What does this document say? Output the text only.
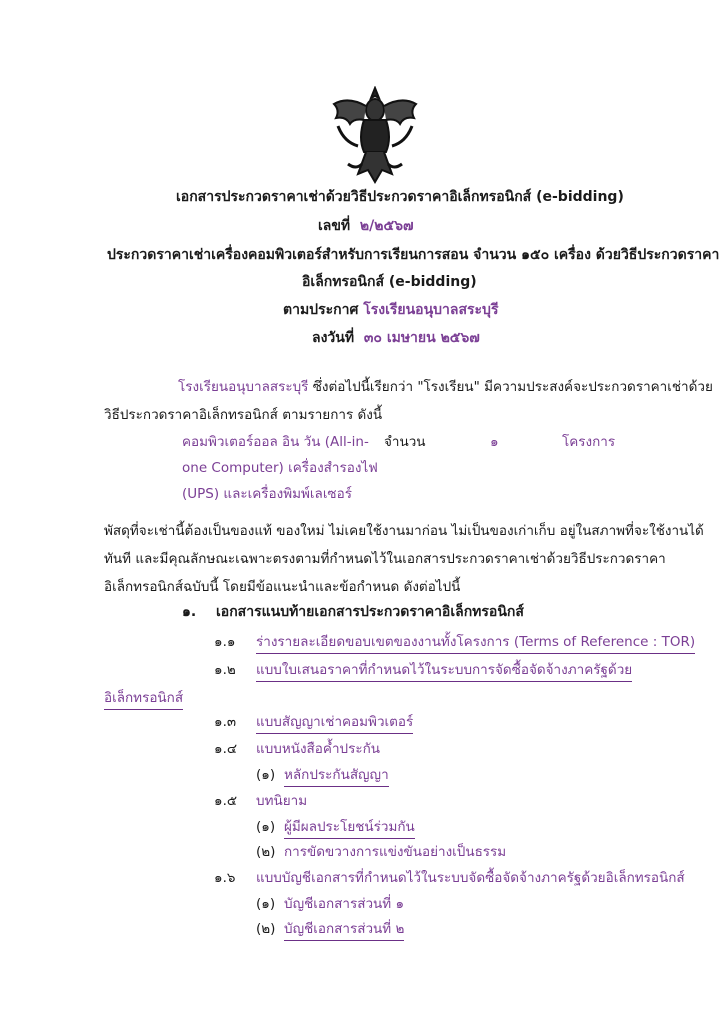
เอกสารประกวดราคาเช่าด้วยวิธีประกวดราคาอิเล็กทรอนิกส์ (e-bidding)
เลขที่ ๒/๒๕๖๗
ประกวดราคาเช่าเครื่องคอมพิวเตอร์สำหรับการเรียนการสอน จำนวน ๑๕๐ เครื่อง ด้วยวิธีประกวดราคา
อิเล็กทรอนิกส์ (e-bidding)
ตามประกาศ โรงเรียนอนุบาลสระบุรี
ลงวันที่ ๓๐ เมษายน ๒๕๖๗
โรงเรียนอนุบาลสระบุรี ซึ่งต่อไปนี้เรียกว่า "โรงเรียน" มีความประสงค์จะประกวดราคาเช่าด้วย
วิธีประกวดราคาอิเล็กทรอนิกส์ ตามรายการ ดังนี้
คอมพิวเตอร์ออล อิน วัน (All-in-
one Computer) เครื่องสำรองไฟ
(UPS) และเครื่องพิมพ์เลเซอร์
จำนวน	๑	โครงการ
พัสดุที่จะเช่านี้ต้องเป็นของแท้ ของใหม่ ไม่เคยใช้งานมาก่อน ไม่เป็นของเก่าเก็บ อยู่ในสภาพที่จะใช้งานได้
ทันที และมีคุณลักษณะเฉพาะตรงตามที่กำหนดไว้ในเอกสารประกวดราคาเช่าด้วยวิธีประกวดราคา
อิเล็กทรอนิกส์ฉบับนี้ โดยมีข้อแนะนำและข้อกำหนด ดังต่อไปนี้
๑. เอกสารแนบท้ายเอกสารประกวดราคาอิเล็กทรอนิกส์
๑.๑ ร่างรายละเอียดขอบเขตของงานทั้งโครงการ (Terms of Reference : TOR)
๑.๒ แบบใบเสนอราคาที่กำหนดไว้ในระบบการจัดซื้อจัดจ้างภาครัฐด้วย
อิเล็กทรอนิกส์
๑.๓ แบบสัญญาเช่าคอมพิวเตอร์
๑.๔ แบบหนังสือค้ำประกัน
(๑) หลักประกันสัญญา
๑.๕ บทนิยาม
(๑) ผู้มีผลประโยชน์ร่วมกัน
(๒) การขัดขวางการแข่งขันอย่างเป็นธรรม
๑.๖ แบบบัญชีเอกสารที่กำหนดไว้ในระบบจัดซื้อจัดจ้างภาครัฐด้วยอิเล็กทรอนิกส์
(๑) บัญชีเอกสารส่วนที่ ๑
(๒) บัญชีเอกสารส่วนที่ ๒
